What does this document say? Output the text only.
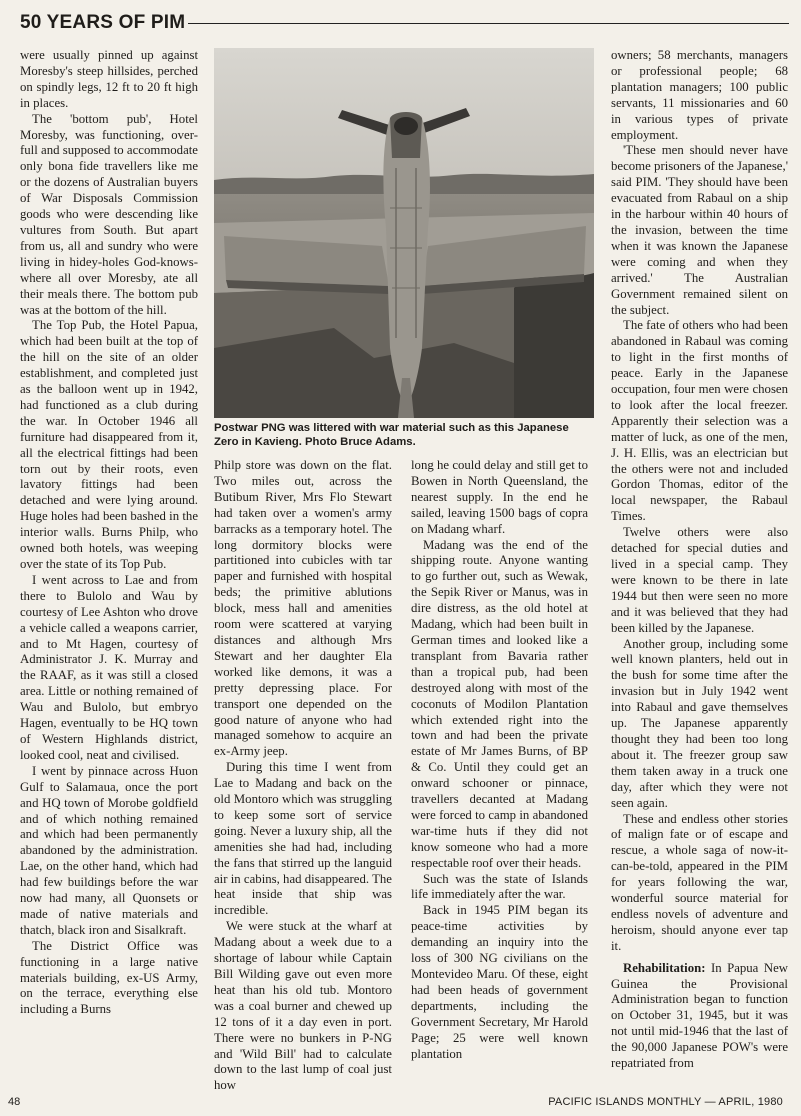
50 YEARS OF PIM

were usually pinned up against Moresby's steep hillsides, perched on spindly legs, 12 ft to 20 ft high in places.

The 'bottom pub', Hotel Moresby, was functioning, over-full and supposed to accommodate only bona fide travellers like me or the dozens of Australian buyers of War Disposals Commission goods who were descending like vultures from South. But apart from us, all and sundry who were living in hidey-holes God-knows-where all over Moresby, ate all their meals there. The bottom pub was at the bottom of the hill.

The Top Pub, the Hotel Papua, which had been built at the top of the hill on the site of an older establishment, and completed just as the balloon went up in 1942, had functioned as a club during the war. In October 1946 all furniture had disappeared from it, all the electrical fittings had been torn out by their roots, even lavatory fittings had been detached and were lying around. Huge holes had been bashed in the interior walls. Burns Philp, who owned both hotels, was weeping over the state of its Top Pub.

I went across to Lae and from there to Bulolo and Wau by courtesy of Lee Ashton who drove a vehicle called a weapons carrier, and to Mt Hagen, courtesy of Administrator J. K. Murray and the RAAF, as it was still a closed area. Little or nothing remained of Wau and Bulolo, but embryo Hagen, eventually to be HQ town of Western Highlands district, looked cool, neat and civilised.

I went by pinnace across Huon Gulf to Salamaua, once the port and HQ town of Morobe goldfield and of which nothing remained and which had been permanently abandoned by the administration. Lae, on the other hand, which had had few buildings before the war now had many, all Quonsets or made of native materials and thatch, black iron and Sisalkraft.

The District Office was functioning in a large native materials building, ex-US Army, on the terrace, everything else including a Burns

Postwar PNG was littered with war material such as this Japanese Zero in Kavieng. Photo Bruce Adams.

Philp store was down on the flat. Two miles out, across the Butibum River, Mrs Flo Stewart had taken over a women's army barracks as a temporary hotel. The long dormitory blocks were partitioned into cubicles with tar paper and furnished with hospital beds; the primitive ablutions block, mess hall and amenities room were scattered at varying distances and although Mrs Stewart and her daughter Ela worked like demons, it was a pretty depressing place. For transport one depended on the good nature of anyone who had managed somehow to acquire an ex-Army jeep.

During this time I went from Lae to Madang and back on the old Montoro which was struggling to keep some sort of service going. Never a luxury ship, all the amenities she had had, including the fans that stirred up the languid air in cabins, had disappeared. The heat inside that ship was incredible.

We were stuck at the wharf at Madang about a week due to a shortage of labour while Captain Bill Wilding gave out even more heat than his old tub. Montoro was a coal burner and chewed up 12 tons of it a day even in port. There were no bunkers in P-NG and 'Wild Bill' had to calculate down to the last lump of coal just how

long he could delay and still get to Bowen in North Queensland, the nearest supply. In the end he sailed, leaving 1500 bags of copra on Madang wharf.

Madang was the end of the shipping route. Anyone wanting to go further out, such as Wewak, the Sepik River or Manus, was in dire distress, as the old hotel at Madang, which had been built in German times and looked like a transplant from Bavaria rather than a tropical pub, had been destroyed along with most of the coconuts of Modilon Plantation which extended right into the town and had been the private estate of Mr James Burns, of BP & Co. Until they could get an onward schooner or pinnace, travellers decanted at Madang were forced to camp in abandoned war-time huts if they did not know someone who had a more respectable roof over their heads.

Such was the state of Islands life immediately after the war.

Back in 1945 PIM began its peace-time activities by demanding an inquiry into the loss of 300 NG civilians on the Montevideo Maru. Of these, eight had been heads of government departments, including the Government Secretary, Mr Harold Page; 25 were well known plantation

owners; 58 merchants, managers or professional people; 68 plantation managers; 100 public servants, 11 missionaries and 60 in various types of private employment.

'These men should never have become prisoners of the Japanese,' said PIM. 'They should have been evacuated from Rabaul on a ship in the harbour within 40 hours of the invasion, between the time when it was known the Japanese were coming and when they arrived.' The Australian Government remained silent on the subject.

The fate of others who had been abandoned in Rabaul was coming to light in the first months of peace. Early in the Japanese occupation, four men were chosen to look after the local freezer. Apparently their selection was a matter of luck, as one of the men, J. H. Ellis, was an electrician but the others were not and included Gordon Thomas, editor of the local newspaper, the Rabaul Times.

Twelve others were also detached for special duties and lived in a special camp. They were known to be there in late 1944 but then were seen no more and it was believed that they had been killed by the Japanese.

Another group, including some well known planters, held out in the bush for some time after the invasion but in July 1942 went into Rabaul and gave themselves up. The Japanese apparently thought they had been too long about it. The freezer group saw them taken away in a truck one day, after which they were not seen again.

These and endless other stories of malign fate or of escape and rescue, a whole saga of now-it-can-be-told, appeared in the PIM for years following the war, wonderful source material for endless novels of adventure and heroism, should anyone ever tap it.

Rehabilitation: In Papua New Guinea the Provisional Administration began to function on October 31, 1945, but it was not until mid-1946 that the last of the 90,000 Japanese POW's were repatriated from

48	PACIFIC ISLANDS MONTHLY — APRIL, 1980
